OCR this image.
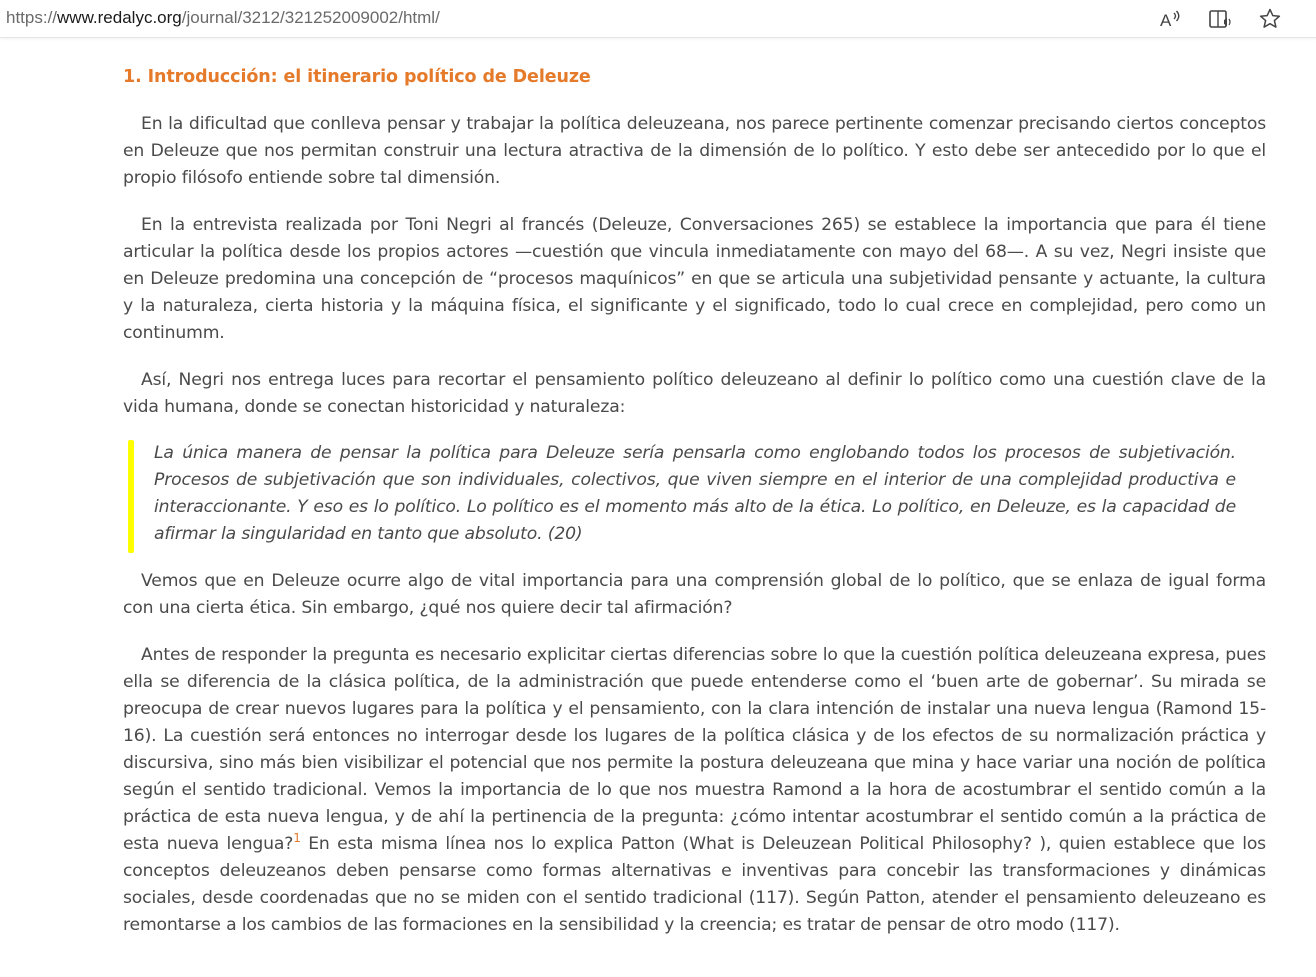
https://www.redalyc.org/journal/3212/321252009002/html/	A
1. Introducción: el itinerario político de Deleuze

En la dificultad que conlleva pensar y trabajar la política deleuzeana, nos parece pertinente comenzar precisando ciertos conceptos en Deleuze que nos permitan construir una lectura atractiva de la dimensión de lo político. Y esto debe ser antecedido por lo que el propio filósofo entiende sobre tal dimensión.

En la entrevista realizada por Toni Negri al francés (Deleuze, Conversaciones 265) se establece la importancia que para él tiene articular la política desde los propios actores —cuestión que vincula inmediatamente con mayo del 68—. A su vez, Negri insiste que en Deleuze predomina una concepción de “procesos maquínicos” en que se articula una subjetividad pensante y actuante, la cultura y la naturaleza, cierta historia y la máquina física, el significante y el significado, todo lo cual crece en complejidad, pero como un continumm.

Así, Negri nos entrega luces para recortar el pensamiento político deleuzeano al definir lo político como una cuestión clave de la vida humana, donde se conectan historicidad y naturaleza:

La única manera de pensar la política para Deleuze sería pensarla como englobando todos los procesos de subjetivación. Procesos de subjetivación que son individuales, colectivos, que viven siempre en el interior de una complejidad productiva e interaccionante. Y eso es lo político. Lo político es el momento más alto de la ética. Lo político, en Deleuze, es la capacidad de afirmar la singularidad en tanto que absoluto. (20)

Vemos que en Deleuze ocurre algo de vital importancia para una comprensión global de lo político, que se enlaza de igual forma con una cierta ética. Sin embargo, ¿qué nos quiere decir tal afirmación?

Antes de responder la pregunta es necesario explicitar ciertas diferencias sobre lo que la cuestión política deleuzeana expresa, pues ella se diferencia de la clásica política, de la administración que puede entenderse como el ‘buen arte de gobernar’. Su mirada se preocupa de crear nuevos lugares para la política y el pensamiento, con la clara intención de instalar una nueva lengua (Ramond 15-16). La cuestión será entonces no interrogar desde los lugares de la política clásica y de los efectos de su normalización práctica y discursiva, sino más bien visibilizar el potencial que nos permite la postura deleuzeana que mina y hace variar una noción de política según el sentido tradicional. Vemos la importancia de lo que nos muestra Ramond a la hora de acostumbrar el sentido común a la práctica de esta nueva lengua, y de ahí la pertinencia de la pregunta: ¿cómo intentar acostumbrar el sentido común a la práctica de esta nueva lengua?$^1$ En esta misma línea nos lo explica Patton (What is Deleuzean Political Philosophy? ), quien establece que los conceptos deleuzeanos deben pensarse como formas alternativas e inventivas para concebir las transformaciones y dinámicas sociales, desde coordenadas que no se miden con el sentido tradicional (117). Según Patton, atender el pensamiento deleuzeano es remontarse a los cambios de las formaciones en la sensibilidad y la creencia; es tratar de pensar de otro modo (117).
